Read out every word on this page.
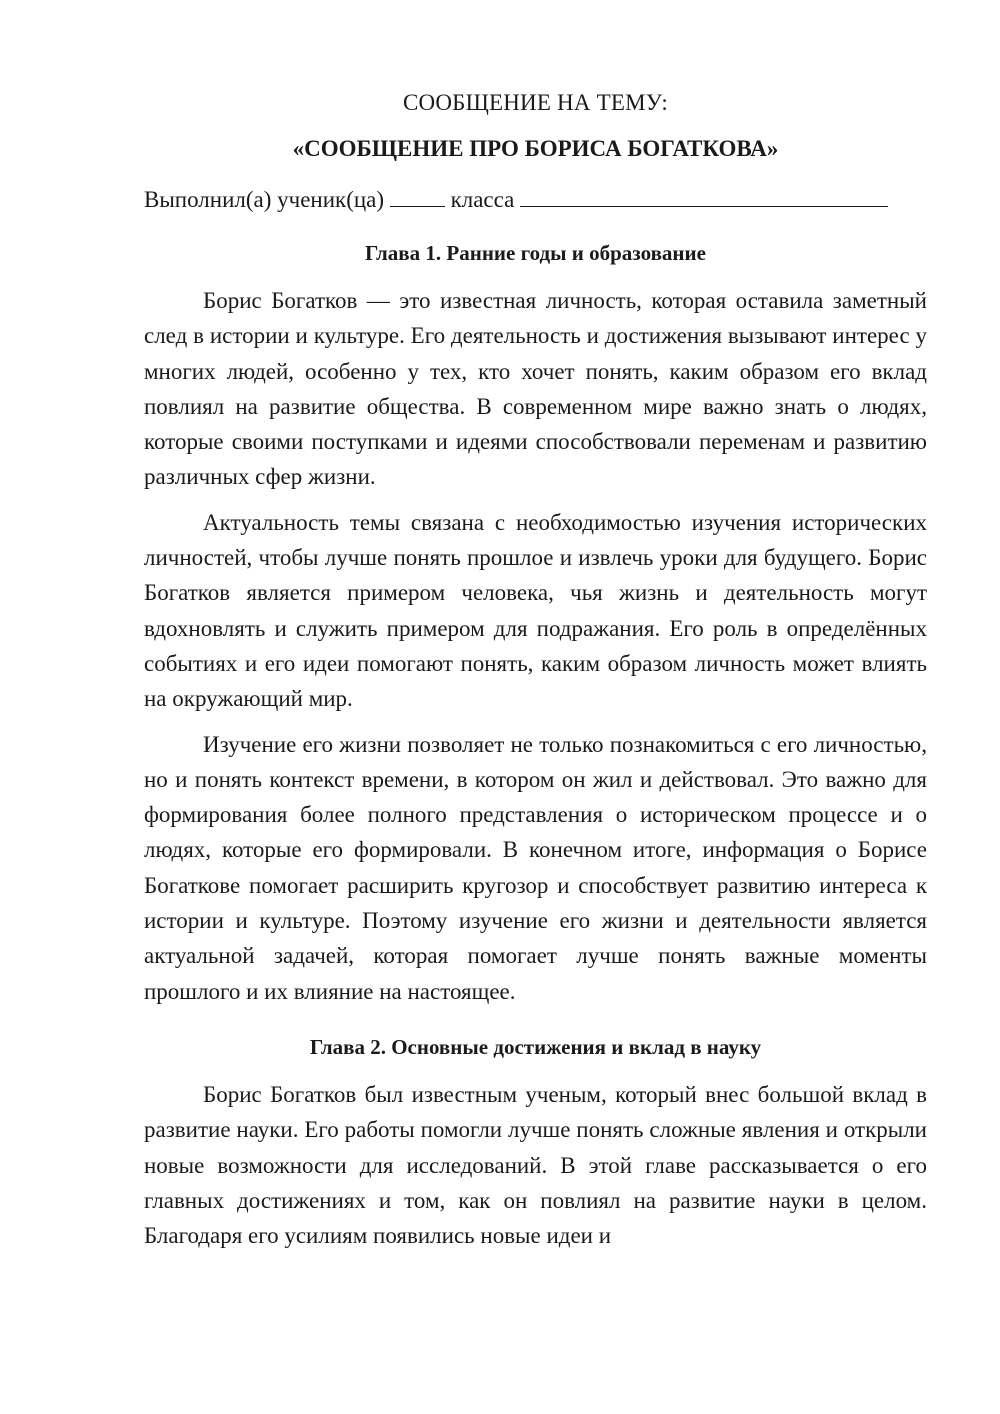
СООБЩЕНИЕ НА ТЕМУ:

«СООБЩЕНИЕ ПРО БОРИСА БОГАТКОВА»

Выполнил(а) ученик(ца)	класса

Глава 1. Ранние годы и образование

Борис Богатков — это известная личность, которая оставила заметный след в истории и культуре. Его деятельность и достижения вызывают интерес у многих людей, особенно у тех, кто хочет понять, каким образом его вклад повлиял на развитие общества. В современном мире важно знать о людях, которые своими поступками и идеями способствовали переменам и развитию различных сфер жизни.

Актуальность темы связана с необходимостью изучения исторических личностей, чтобы лучше понять прошлое и извлечь уроки для будущего. Борис Богатков является примером человека, чья жизнь и деятельность могут вдохновлять и служить примером для подражания. Его роль в определённых событиях и его идеи помогают понять, каким образом личность может влиять на окружающий мир.

Изучение его жизни позволяет не только познакомиться с его личностью, но и понять контекст времени, в котором он жил и действовал. Это важно для формирования более полного представления о историческом процессе и о людях, которые его формировали. В конечном итоге, информация о Борисе Богаткове помогает расширить кругозор и способствует развитию интереса к истории и культуре. Поэтому изучение его жизни и деятельности является актуальной задачей, которая помогает лучше понять важные моменты прошлого и их влияние на настоящее.

Глава 2. Основные достижения и вклад в науку

Борис Богатков был известным ученым, который внес большой вклад в развитие науки. Его работы помогли лучше понять сложные явления и открыли новые возможности для исследований. В этой главе рассказывается о его главных достижениях и том, как он повлиял на развитие науки в целом. Благодаря его усилиям появились новые идеи и
